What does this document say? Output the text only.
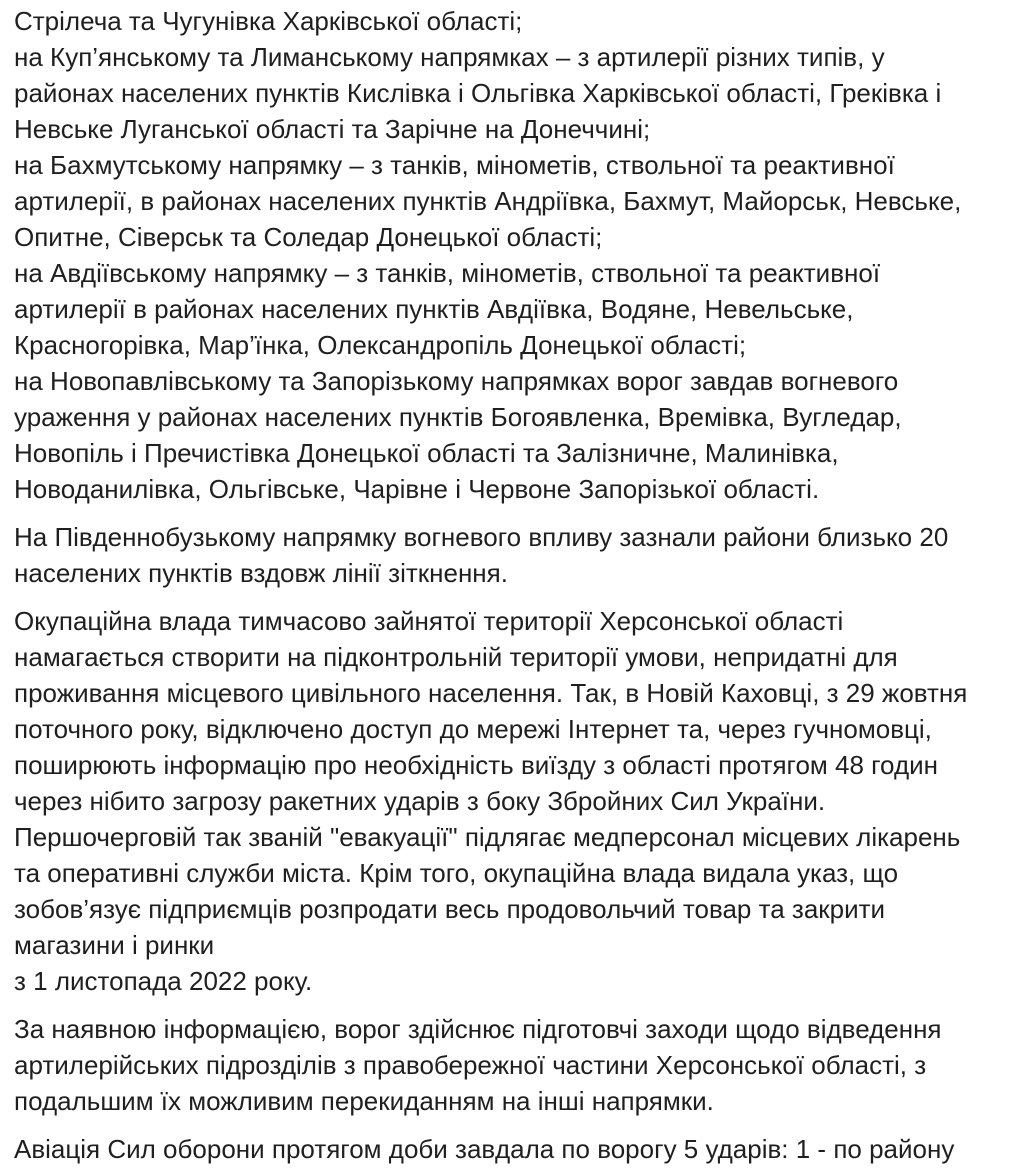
Стрілеча та Чугунівка Харківської області;
на Куп’янському та Лиманському напрямках – з артилерії різних типів, у
районах населених пунктів Кислівка і Ольгівка Харківської області, Греківка і
Невське Луганської області та Зарічне на Донеччині;
на Бахмутському напрямку – з танків, мінометів, ствольної та реактивної
артилерії, в районах населених пунктів Андріївка, Бахмут, Майорськ, Невське,
Опитне, Сіверськ та Соледар Донецької області;
на Авдіївському напрямку – з танків, мінометів, ствольної та реактивної
артилерії в районах населених пунктів Авдіївка, Водяне, Невельське,
Красногорівка, Мар’їнка, Олександропіль Донецької області;
на Новопавлівському та Запорізькому напрямках ворог завдав вогневого
ураження у районах населених пунктів Богоявленка, Времівка, Вугледар,
Новопіль і Пречистівка Донецької області та Залізничне, Малинівка,
Новоданилівка, Ольгівське, Чарівне і Червоне Запорізької області.

На Південнобузькому напрямку вогневого впливу зазнали райони близько 20
населених пунктів вздовж лінії зіткнення.

Окупаційна влада тимчасово зайнятої території Херсонської області
намагається створити на підконтрольній території умови, непридатні для
проживання місцевого цивільного населення. Так, в Новій Каховці, з 29 жовтня
поточного року, відключено доступ до мережі Інтернет та, через гучномовці,
поширюють інформацію про необхідність виїзду з області протягом 48 годин
через нібито загрозу ракетних ударів з боку Збройних Сил України.
Першочерговій так званій "евакуації" підлягає медперсонал місцевих лікарень
та оперативні служби міста. Крім того, окупаційна влада видала указ, що
зобов’язує підприємців розпродати весь продовольчий товар та закрити
магазини і ринки
з 1 листопада 2022 року.

За наявною інформацією, ворог здійснює підготовчі заходи щодо відведення
артилерійських підрозділів з правобережної частини Херсонської області, з
подальшим їх можливим перекиданням на інші напрямки.

Авіація Сил оборони протягом доби завдала по ворогу 5 ударів: 1 - по району
